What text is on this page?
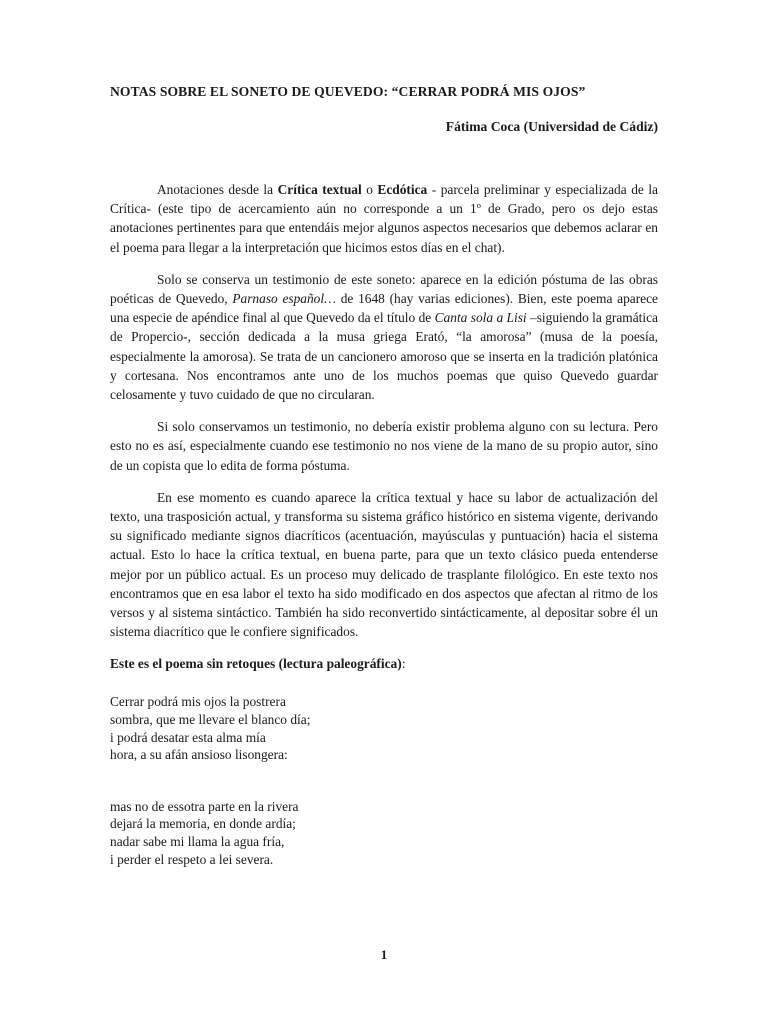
NOTAS SOBRE EL SONETO DE QUEVEDO: “CERRAR PODRÁ MIS OJOS”
Fátima Coca (Universidad de Cádiz)

Anotaciones desde la Crítica textual o Ecdótica - parcela preliminar y especializada de la Crítica- (este tipo de acercamiento aún no corresponde a un 1º de Grado, pero os dejo estas anotaciones pertinentes para que entendáis mejor algunos aspectos necesarios que debemos aclarar en el poema para llegar a la interpretación que hicimos estos días en el chat).

Solo se conserva un testimonio de este soneto: aparece en la edición póstuma de las obras poéticas de Quevedo, Parnaso español… de 1648 (hay varias ediciones). Bien, este poema aparece una especie de apéndice final al que Quevedo da el título de Canta sola a Lisi –siguiendo la gramática de Propercio-, sección dedicada a la musa griega Erató, “la amorosa” (musa de la poesía, especialmente la amorosa). Se trata de un cancionero amoroso que se inserta en la tradición platónica y cortesana. Nos encontramos ante uno de los muchos poemas que quiso Quevedo guardar celosamente y tuvo cuidado de que no circularan.

Si solo conservamos un testimonio, no debería existir problema alguno con su lectura. Pero esto no es así, especialmente cuando ese testimonio no nos viene de la mano de su propio autor, sino de un copista que lo edita de forma póstuma.

En ese momento es cuando aparece la crítica textual y hace su labor de actualización del texto, una trasposición actual, y transforma su sistema gráfico histórico en sistema vigente, derivando su significado mediante signos diacríticos (acentuación, mayúsculas y puntuación) hacia el sistema actual. Esto lo hace la crítica textual, en buena parte, para que un texto clásico pueda entenderse mejor por un público actual. Es un proceso muy delicado de trasplante filológico. En este texto nos encontramos que en esa labor el texto ha sido modificado en dos aspectos que afectan al ritmo de los versos y al sistema sintáctico. También ha sido reconvertido sintácticamente, al depositar sobre él un sistema diacrítico que le confiere significados.

Este es el poema sin retoques (lectura paleográfica):

Cerrar podrá mis ojos la postrera
sombra, que me llevare el blanco día;
i podrá desatar esta alma mía
hora, a su afán ansioso lisongera:
mas no de essotra parte en la rivera
dejará la memoria, en donde ardía;
nadar sabe mi llama la agua fría,
i perder el respeto a lei severa.
1
